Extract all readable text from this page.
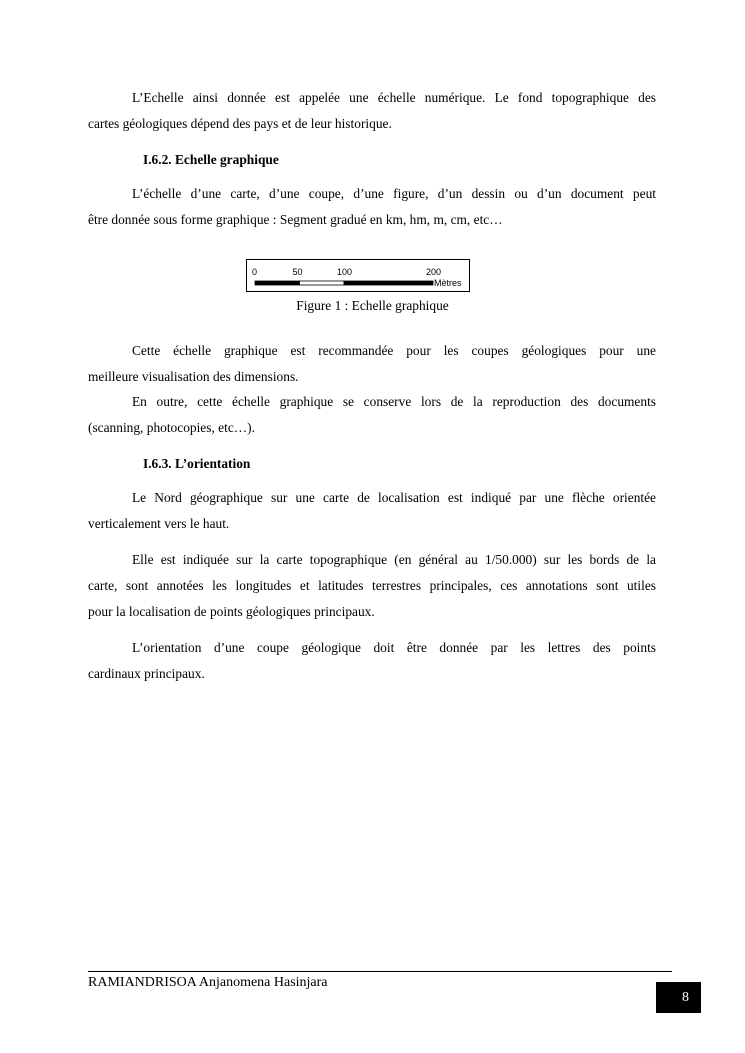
L’Echelle ainsi donnée est appelée une échelle numérique. Le fond topographique des
cartes géologiques dépend des pays et de leur historique.
I.6.2. Echelle graphique
L’échelle d’une carte, d’une coupe, d’une figure, d’un dessin ou d’un document peut
être donnée sous forme graphique : Segment gradué en km, hm, m, cm, etc…
0	50	100	200
Mètres
Figure 1 : Echelle graphique
Cette échelle graphique est recommandée pour les coupes géologiques pour une
meilleure visualisation des dimensions.
En outre, cette échelle graphique se conserve lors de la reproduction des documents
(scanning, photocopies, etc…).
I.6.3. L’orientation
Le Nord géographique sur une carte de localisation est indiqué par une flèche orientée
verticalement vers le haut.
Elle est indiquée sur la carte topographique (en général au 1/50.000) sur les bords de la
carte, sont annotées les longitudes et latitudes terrestres principales, ces annotations sont utiles
pour la localisation de points géologiques principaux.
L’orientation d’une coupe géologique doit être donnée par les lettres des points
cardinaux principaux.
RAMIANDRISOA Anjanomena Hasinjara
8
